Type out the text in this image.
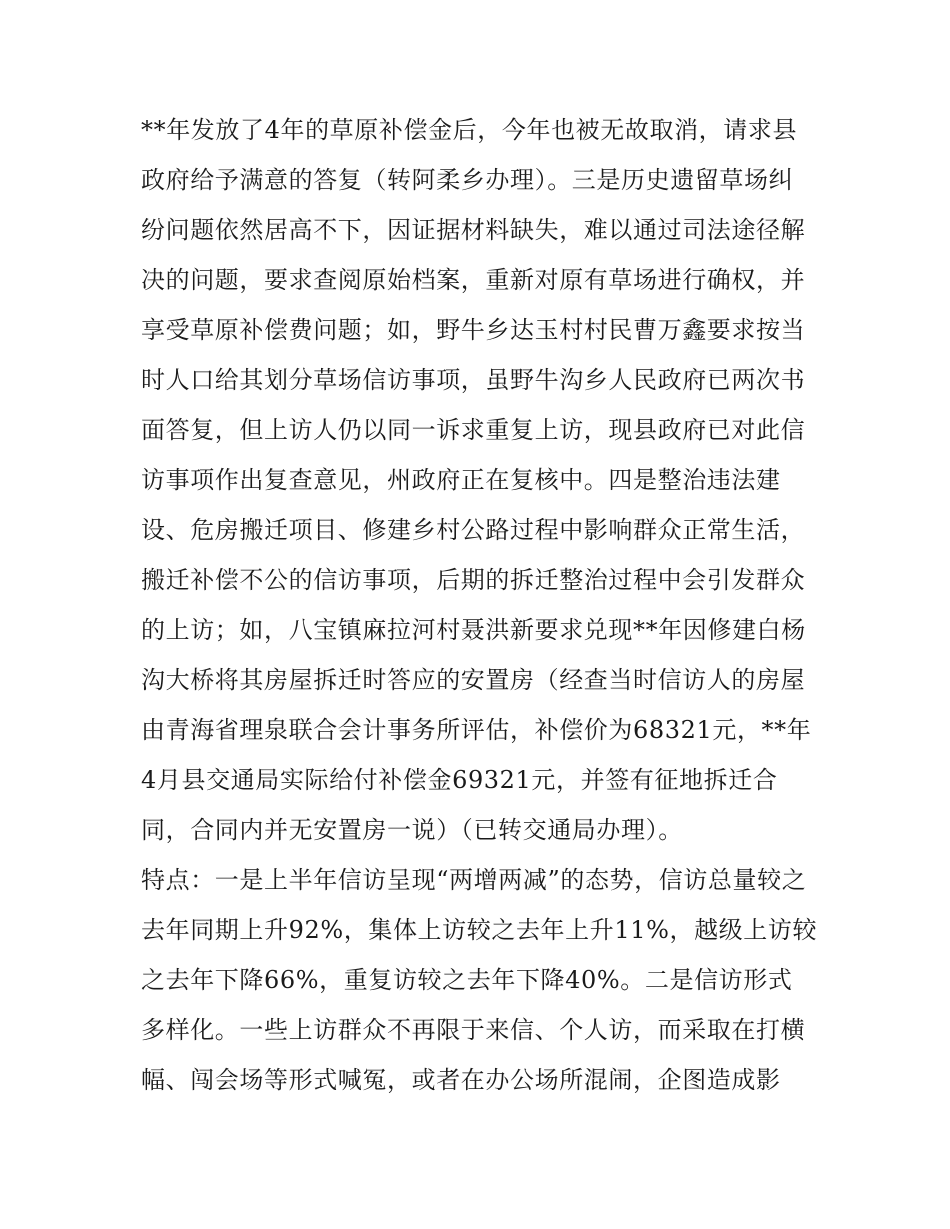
**年发放了4年的草原补偿金后，今年也被无故取消，请求县
政府给予满意的答复（转阿柔乡办理）。三是历史遗留草场纠
纷问题依然居高不下，因证据材料缺失，难以通过司法途径解
决的问题，要求查阅原始档案，重新对原有草场进行确权，并
享受草原补偿费问题；如，野牛乡达玉村村民曹万鑫要求按当
时人口给其划分草场信访事项，虽野牛沟乡人民政府已两次书
面答复，但上访人仍以同一诉求重复上访，现县政府已对此信
访事项作出复查意见，州政府正在复核中。四是整治违法建
设、危房搬迁项目、修建乡村公路过程中影响群众正常生活，
搬迁补偿不公的信访事项，后期的拆迁整治过程中会引发群众
的上访；如，八宝镇麻拉河村聂洪新要求兑现**年因修建白杨
沟大桥将其房屋拆迁时答应的安置房（经查当时信访人的房屋
由青海省理泉联合会计事务所评估，补偿价为68321元，**年
4月县交通局实际给付补偿金69321元，并签有征地拆迁合
同，合同内并无安置房一说）（已转交通局办理）。
特点：一是上半年信访呈现“两增两减”的态势，信访总量较之
去年同期上升92%，集体上访较之去年上升11%，越级上访较
之去年下降66%，重复访较之去年下降40%。二是信访形式
多样化。一些上访群众不再限于来信、个人访，而采取在打横
幅、闯会场等形式喊冤，或者在办公场所混闹，企图造成影
